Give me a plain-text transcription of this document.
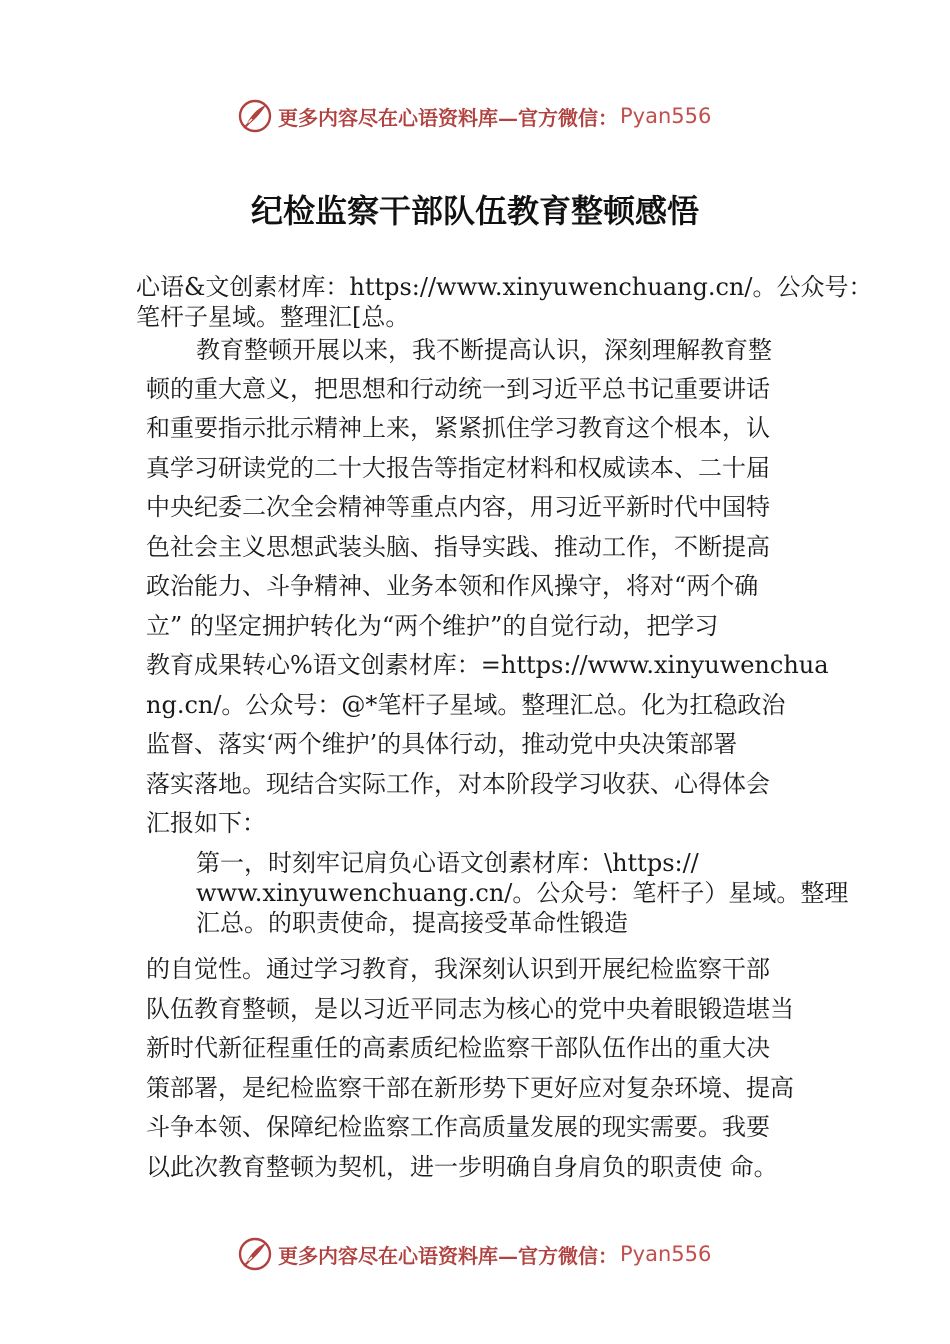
更多内容尽在心语资料库—官方微信： Pyan556
纪检监察干部队伍教育整顿感悟
心语&文创素材库：https://www.xinyuwenchuang.cn/。公众号：
笔杆子星域。整理汇[总。
教育整顿开展以来，我不断提高认识，深刻理解教育整
顿的重大意义，把思想和行动统一到习近平总书记重要讲话
和重要指示批示精神上来，紧紧抓住学习教育这个根本，认
真学习研读党的二十大报告等指定材料和权威读本、二十届
中央纪委二次全会精神等重点内容，用习近平新时代中国特
色社会主义思想武装头脑、指导实践、推动工作，不断提高
政治能力、斗争精神、业务本领和作风操守，将对“两个确
立” 的坚定拥护转化为“两个维护”的自觉行动，把学习
教育成果转心%语文创素材库：=https://www.xinyuwenchua
ng.cn/。公众号：@*笔杆子星域。整理汇总。化为扛稳政治
监督、落实‘两个维护’的具体行动，推动党中央决策部署
落实落地。现结合实际工作，对本阶段学习收获、心得体会
汇报如下：
第一，时刻牢记肩负心语文创素材库：\https://
www.xinyuwenchuang.cn/。公众号：笔杆子）星域。整理
汇总。的职责使命，提高接受革命性锻造
的自觉性。通过学习教育，我深刻认识到开展纪检监察干部
队伍教育整顿，是以习近平同志为核心的党中央着眼锻造堪当
新时代新征程重任的高素质纪检监察干部队伍作出的重大决
策部署，是纪检监察干部在新形势下更好应对复杂环境、提高
斗争本领、保障纪检监察工作高质量发展的现实需要。我要
以此次教育整顿为契机，进一步明确自身肩负的职责使 命。
更多内容尽在心语资料库—官方微信： Pyan556
